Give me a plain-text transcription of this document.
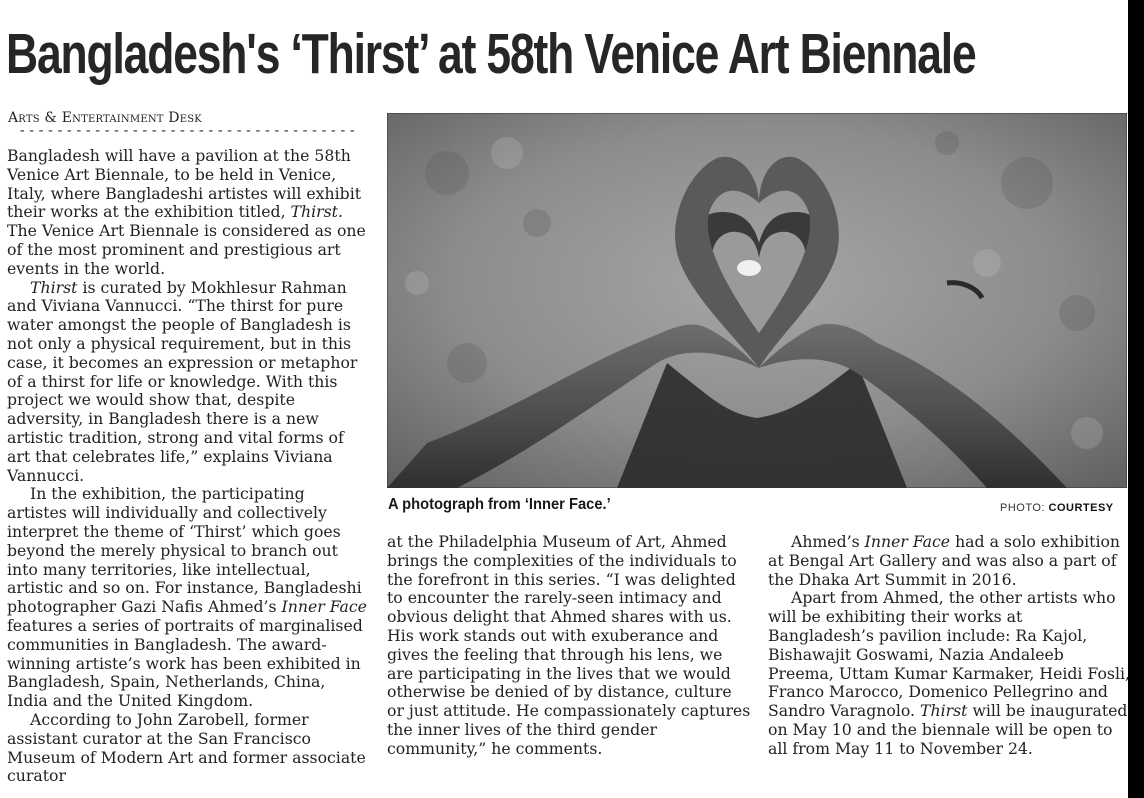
Bangladesh's ‘Thirst’ at 58th Venice Art Biennale
Arts & Entertainment Desk
------------------------------------

Bangladesh will have a pavilion at the 58th Venice Art Biennale, to be held in Venice, Italy, where Bangladeshi artistes will exhibit their works at the exhibition titled, Thirst. The Venice Art Biennale is considered as one of the most prominent and prestigious art events in the world.

Thirst is curated by Mokhlesur Rahman and Viviana Vannucci. “The thirst for pure water amongst the people of Bangladesh is not only a physical requirement, but in this case, it becomes an expression or metaphor of a thirst for life or knowledge. With this project we would show that, despite adversity, in Bangladesh there is a new artistic tradition, strong and vital forms of art that celebrates life,” explains Viviana Vannucci.

In the exhibition, the participating artistes will individually and collectively interpret the theme of ‘Thirst’ which goes beyond the merely physical to branch out into many territories, like intellectual, artistic and so on. For instance, Bangladeshi photographer Gazi Nafis Ahmed’s Inner Face features a series of portraits of marginalised communities in Bangladesh. The award-winning artiste’s work has been exhibited in Bangladesh, Spain, Netherlands, China, India and the United Kingdom.

According to John Zarobell, former assistant curator at the San Francisco Museum of Modern Art and former associate curator

A photograph from ‘Inner Face.’	PHOTO: COURTESY

at the Philadelphia Museum of Art, Ahmed brings the complexities of the individuals to the forefront in this series. “I was delighted to encounter the rarely-seen intimacy and obvious delight that Ahmed shares with us. His work stands out with exuberance and gives the feeling that through his lens, we are participating in the lives that we would otherwise be denied of by distance, culture or just attitude. He compassionately captures the inner lives of the third gender community,” he comments.

Ahmed’s Inner Face had a solo exhibition at Bengal Art Gallery and was also a part of the Dhaka Art Summit in 2016.

Apart from Ahmed, the other artists who will be exhibiting their works at Bangladesh’s pavilion include: Ra Kajol, Bishawajit Goswami, Nazia Andaleeb Preema, Uttam Kumar Karmaker, Heidi Fosli, Franco Marocco, Domenico Pellegrino and Sandro Varagnolo. Thirst will be inaugurated on May 10 and the biennale will be open to all from May 11 to November 24.
